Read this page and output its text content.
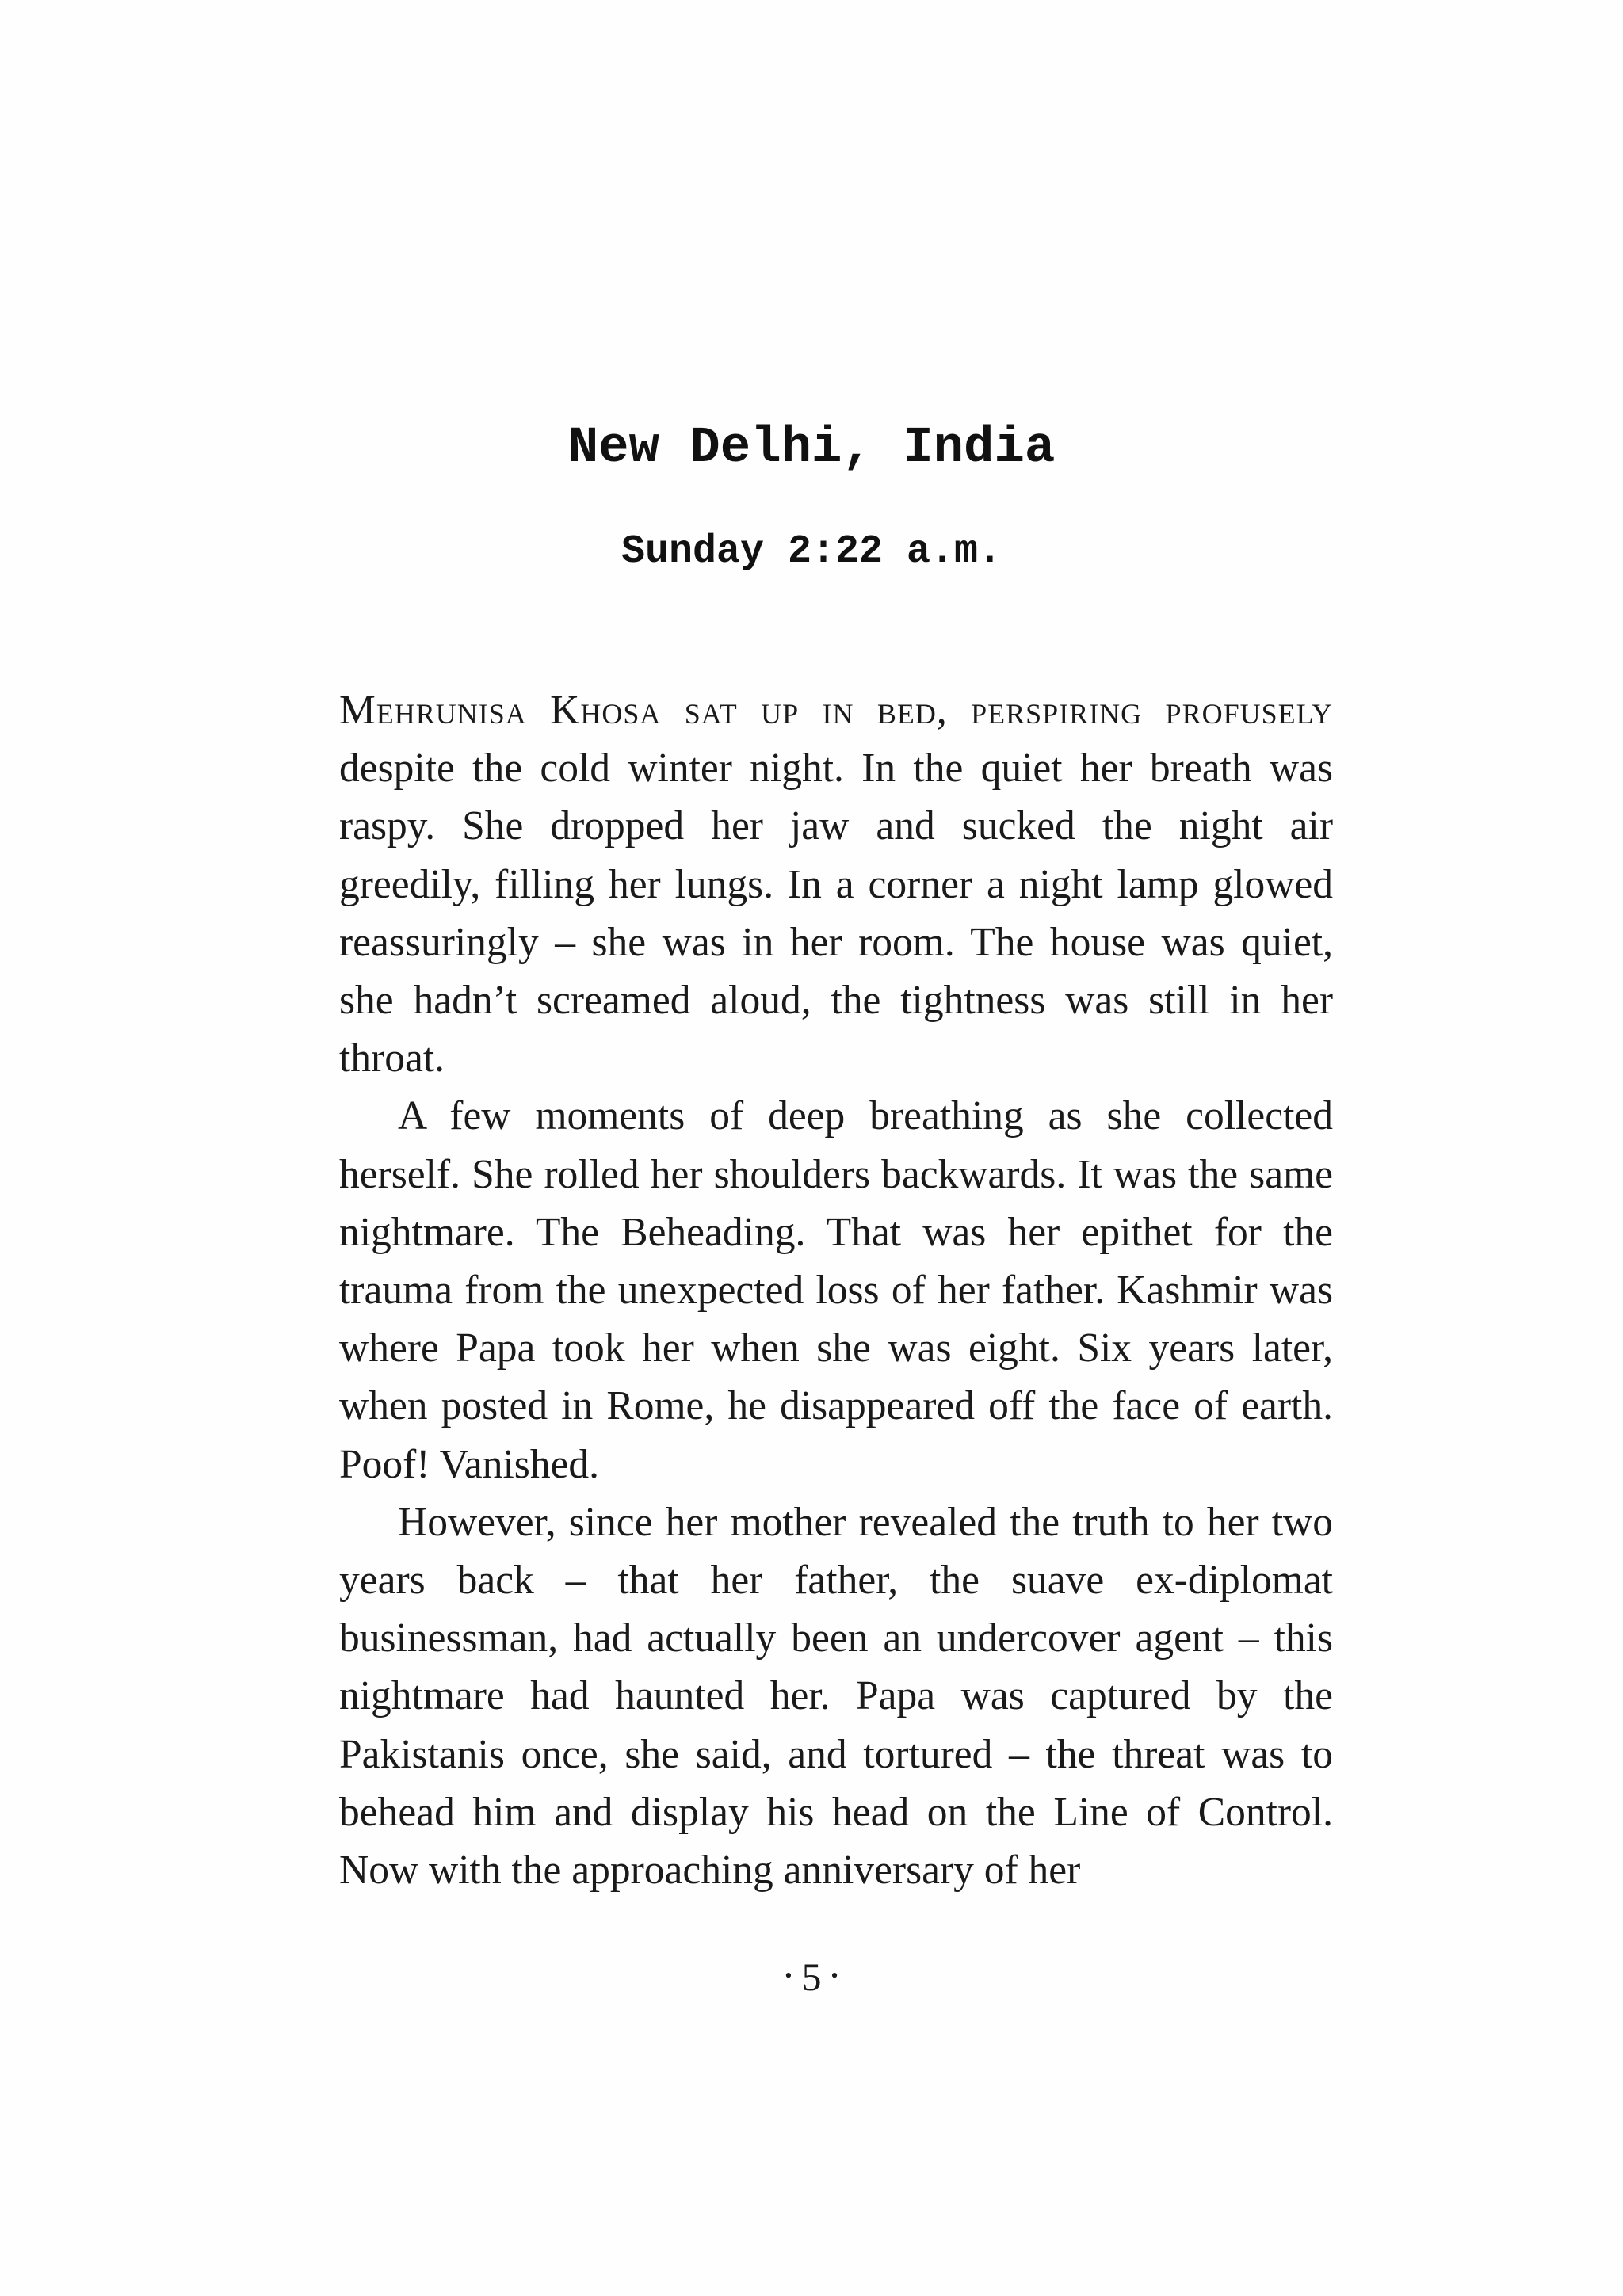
New Delhi, India
Sunday 2:22 a.m.

Mehrunisa Khosa sat up in bed, perspiring profusely despite the cold winter night. In the quiet her breath was raspy. She dropped her jaw and sucked the night air greedily, filling her lungs. In a corner a night lamp glowed reassuringly – she was in her room. The house was quiet, she hadn’t screamed aloud, the tightness was still in her throat.

A few moments of deep breathing as she collected herself. She rolled her shoulders backwards. It was the same nightmare. The Beheading. That was her epithet for the trauma from the unexpected loss of her father. Kashmir was where Papa took her when she was eight. Six years later, when posted in Rome, he disappeared off the face of earth. Poof! Vanished.

However, since her mother revealed the truth to her two years back – that her father, the suave ex-diplomat businessman, had actually been an undercover agent – this nightmare had haunted her. Papa was captured by the Pakistanis once, she said, and tortured – the threat was to behead him and display his head on the Line of Control. Now with the approaching anniversary of her

• 5 •
